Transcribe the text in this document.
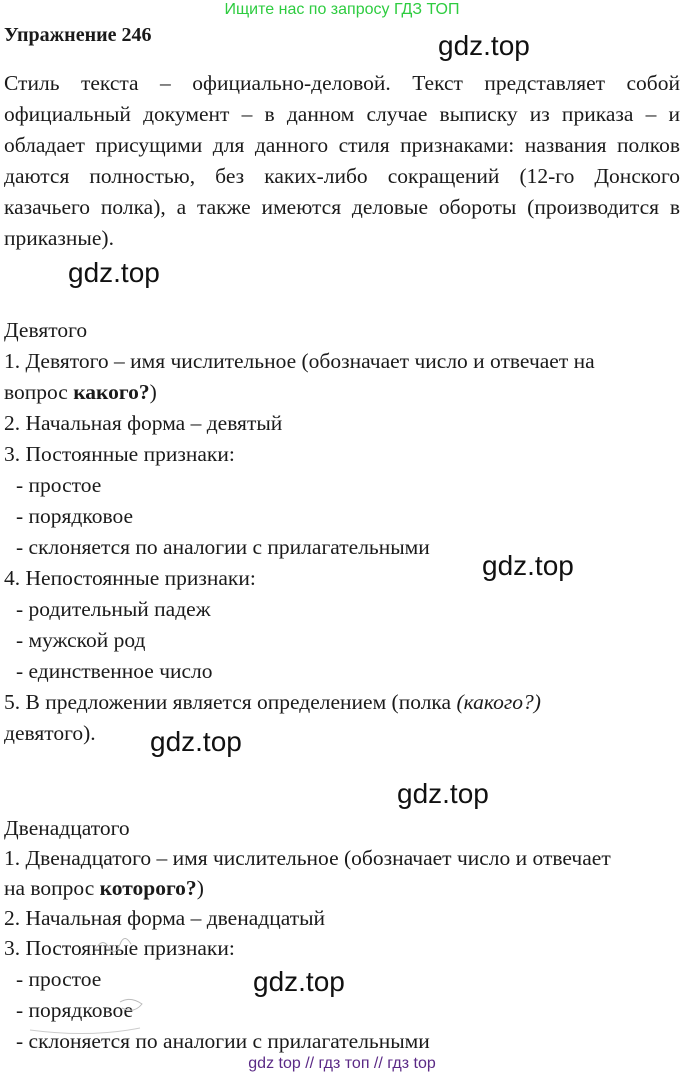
Ищите нас по запросу ГДЗ ТОП
Упражнение 246	gdz.top
Стиль текста – официально-деловой. Текст представляет собой официальный документ – в данном случае выписку из приказа – и обладает присущими для данного стиля признаками: названия полков даются полностью, без каких-либо сокращений (12-го Донского казачьего полка), а также имеются деловые обороты (производится в приказные).
gdz.top
Девятого
1. Девятого – имя числительное (обозначает число и отвечает на
вопрос какого?)
2. Начальная форма – девятый
3. Постоянные признаки:
- простое
- порядковое
- склоняется по аналогии с прилагательными
gdz.top
4. Непостоянные признаки:
- родительный падеж
- мужской род
- единственное число
5. В предложении является определением (полка (какого?)
девятого). gdz.top
gdz.top
Двенадцатого
1. Двенадцатого – имя числительное (обозначает число и отвечает
на вопрос которого?)
2. Начальная форма – двенадцатый
3. Постоянные признаки:
- простое	gdz.top
- порядковое
- склоняется по аналогии с прилагательными
gdz top // гдз топ // гдз top
